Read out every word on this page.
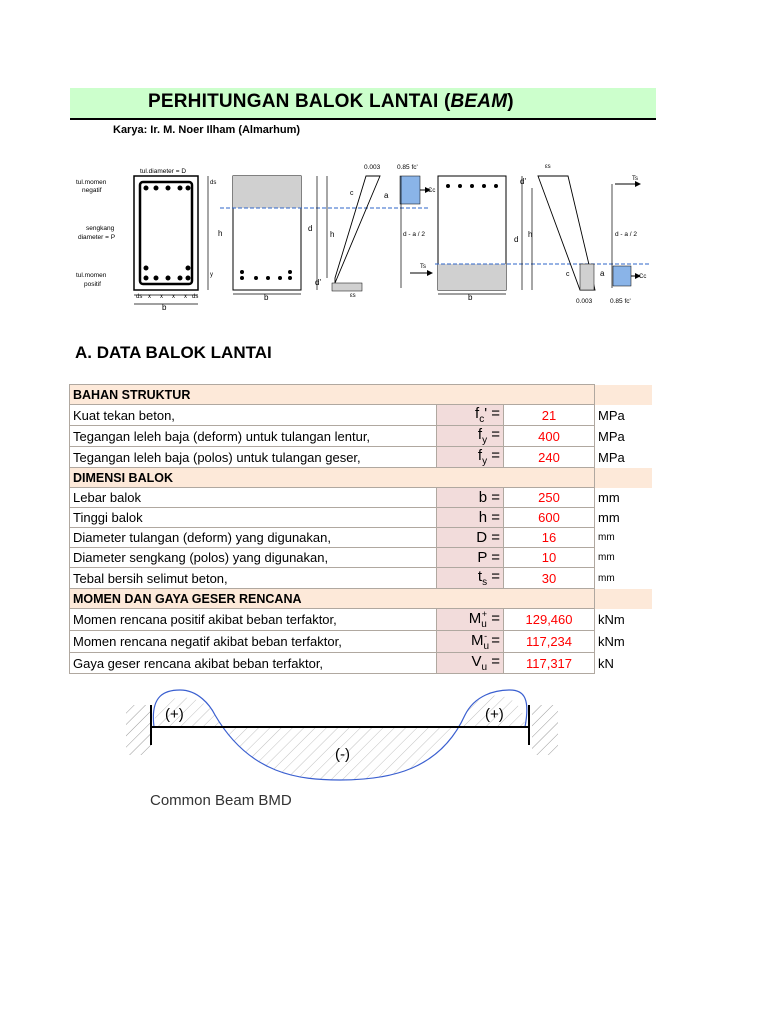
PERHITUNGAN BALOK LANTAI (BEAM)
Karya: Ir. M. Noer Ilham (Almarhum)
tul.diameter = D
tul.momen
negatif
sengkang
diameter = P
tul.momen
positif
h
ds
y
b
ds x x x x ds	b
d
h
d'
0.003
c	a
εs
0.85 fc'
Cc
d - a / 2
Ts
b
d
h
d'
εs
c	a
0.003	0.85 fc'
Cc
Ts
d - a / 2
A. DATA BALOK LANTAI
BAHAN STRUKTUR			
Kuat tekan beton,	$f_c'$ =	21	MPa
Tegangan leleh baja (deform) untuk tulangan lentur,	$f_y$ =	400	MPa
Tegangan leleh baja (polos) untuk tulangan geser,	$f_y$ =	240	MPa
DIMENSI BALOK			
Lebar balok	b =	250	mm
Tinggi balok	h =	600	mm
Diameter tulangan (deform) yang digunakan,	D =	16	mm
Diameter sengkang (polos) yang digunakan,	P =	10	mm
Tebal bersih selimut beton,	$t_s$ =	30	mm
MOMEN DAN GAYA GESER RENCANA			
Momen rencana positif akibat beban terfaktor,	$M_u^+$ =	129,460	kNm
Momen rencana negatif akibat beban terfaktor,	$M_u^-$ =	117,234	kNm
Gaya geser rencana akibat beban terfaktor,	$V_u$ =	117,317	kN
(+)	(+)
(-)
Common Beam BMD
